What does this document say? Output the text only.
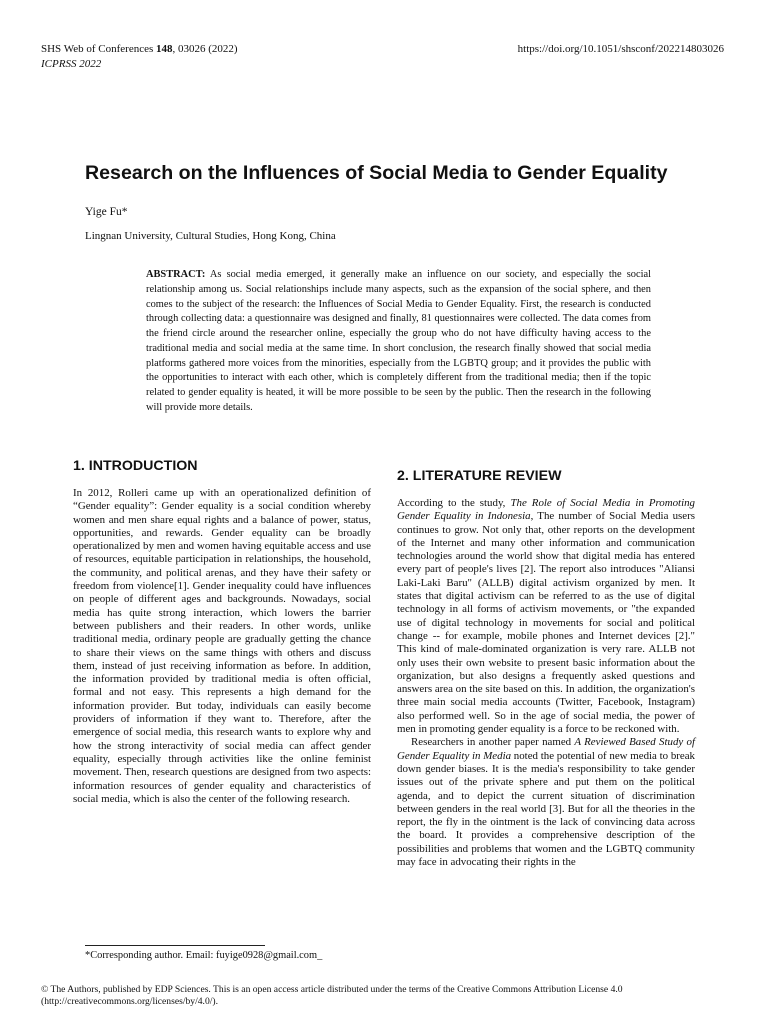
SHS Web of Conferences 148, 03026 (2022)
ICPRSS 2022
https://doi.org/10.1051/shsconf/202214803026
Research on the Influences of Social Media to Gender Equality
Yige Fu*
Lingnan University, Cultural Studies, Hong Kong, China

ABSTRACT: As social media emerged, it generally make an influence on our society, and especially the social relationship among us. Social relationships include many aspects, such as the expansion of the social sphere, and then comes to the subject of the research: the Influences of Social Media to Gender Equality. First, the research is conducted through collecting data: a questionnaire was designed and finally, 81 questionnaires were collected. The data comes from the friend circle around the researcher online, especially the group who do not have difficulty having access to the traditional media and social media at the same time. In short conclusion, the research finally showed that social media platforms gathered more voices from the minorities, especially from the LGBTQ group; and it provides the public with the opportunities to interact with each other, which is completely different from the traditional media; then if the topic related to gender equality is heated, it will be more possible to be seen by the public. Then the research in the following will provide more details.

1. INTRODUCTION

In 2012, Rolleri came up with an operationalized definition of “Gender equality”: Gender equality is a social condition whereby women and men share equal rights and a balance of power, status, opportunities, and rewards. Gender equality can be broadly operationalized by men and women having equitable access and use of resources, equitable participation in relationships, the household, the community, and political arenas, and they have their safety or freedom from violence[1]. Gender inequality could have influences on people of different ages and backgrounds. Nowadays, social media has quite strong interaction, which lowers the barrier between publishers and their readers. In other words, unlike traditional media, ordinary people are gradually getting the chance to share their views on the same things with others and discuss them, instead of just receiving information as before. In addition, the information provided by traditional media is often official, formal and not easy. This represents a high demand for the information provider. But today, individuals can easily become providers of information if they want to. Therefore, after the emergence of social media, this research wants to explore why and how the strong interactivity of social media can affect gender equality, especially through activities like the online feminist movement. Then, research questions are designed from two aspects: information resources of gender equality and characteristics of social media, which is also the center of the following research.

2. LITERATURE REVIEW

According to the study, The Role of Social Media in Promoting Gender Equality in Indonesia, The number of Social Media users continues to grow. Not only that, other reports on the development of the Internet and many other information and communication technologies around the world show that digital media has entered every part of people's lives [2]. The report also introduces "Aliansi Laki-Laki Baru" (ALLB) digital activism organized by men. It states that digital activism can be referred to as the use of digital technology in all forms of activism movements, or "the expanded use of digital technology in movements for social and political change -- for example, mobile phones and Internet devices [2]." This kind of male-dominated organization is very rare. ALLB not only uses their own website to present basic information about the organization, but also designs a frequently asked questions and answers area on the site based on this. In addition, the organization's three main social media accounts (Twitter, Facebook, Instagram) also performed well. So in the age of social media, the power of men in promoting gender equality is a force to be reckoned with.

Researchers in another paper named A Reviewed Based Study of Gender Equality in Media noted the potential of new media to break down gender biases. It is the media's responsibility to take gender issues out of the private sphere and put them on the political agenda, and to depict the current situation of discrimination between genders in the real world [3]. But for all the theories in the report, the fly in the ointment is the lack of convincing data across the board. It provides a comprehensive description of the possibilities and problems that women and the LGBTQ community may face in advocating their rights in the

*Corresponding author. Email: fuyige0928@gmail.com_
© The Authors, published by EDP Sciences. This is an open access article distributed under the terms of the Creative Commons Attribution License 4.0 (http://creativecommons.org/licenses/by/4.0/).
